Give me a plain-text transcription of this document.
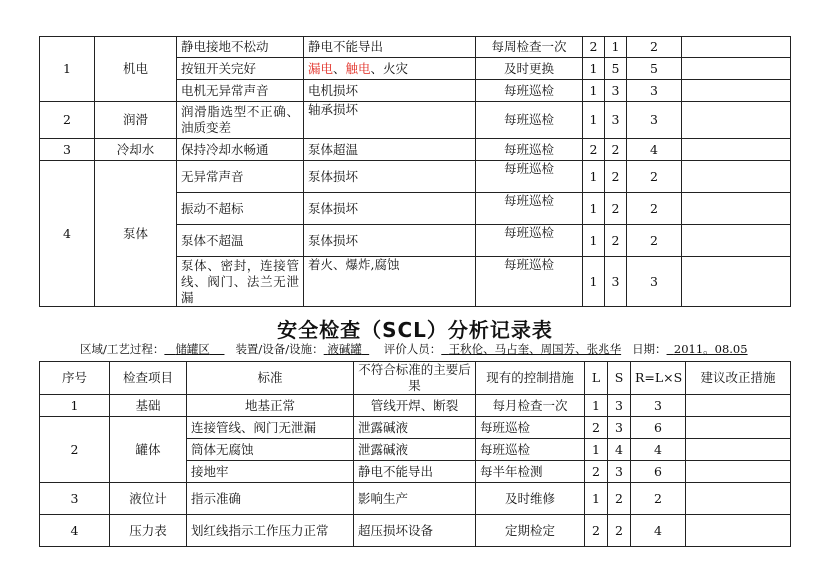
1	机电	静电接地不松动	静电不能导出	每周检查一次	2	1	2	
		按钮开关完好	漏电、触电、火灾	及时更换	1	5	5	
		电机无异常声音	电机损坏	每班巡检	1	3	3	
2	润滑	润滑脂选型不正确、油质变差	轴承损坏	每班巡检	1	3	3	
3	冷却水	保持冷却水畅通	泵体超温	每班巡检	2	2	4	
4	泵体	无异常声音	泵体损坏	每班巡检	1	2	2	
		振动不超标	泵体损坏	每班巡检	1	2	2	
		泵体不超温	泵体损坏	每班巡检	1	2	2	
		泵体、密封，连接管线、阀门、法兰无泄漏	着火、爆炸,腐蚀	每班巡检	1	3	3	
安全检查（SCL）分析记录表
区域/工艺过程： 储罐区 装置/设备/设施： 液碱罐 评价人员： 王秋伦、马占奎、周国芳、张兆华 日期： 2011。08.05
序号	检查项目	标准	不符合标准的主要后果	现有的控制措施	L	S	R=L×S	建议改正措施
1	基础	地基正常	管线开焊、断裂	每月检查一次	1	3	3	
2	罐体	连接管线、阀门无泄漏	泄露碱液	每班巡检	2	3	6	
		筒体无腐蚀	泄露碱液	每班巡检	1	4	4	
		接地牢	静电不能导出	每半年检测	2	3	6	
3	液位计	指示准确	影响生产	及时维修	1	2	2	
4	压力表	划红线指示工作压力正常	超压损坏设备	定期检定	2	2	4	
